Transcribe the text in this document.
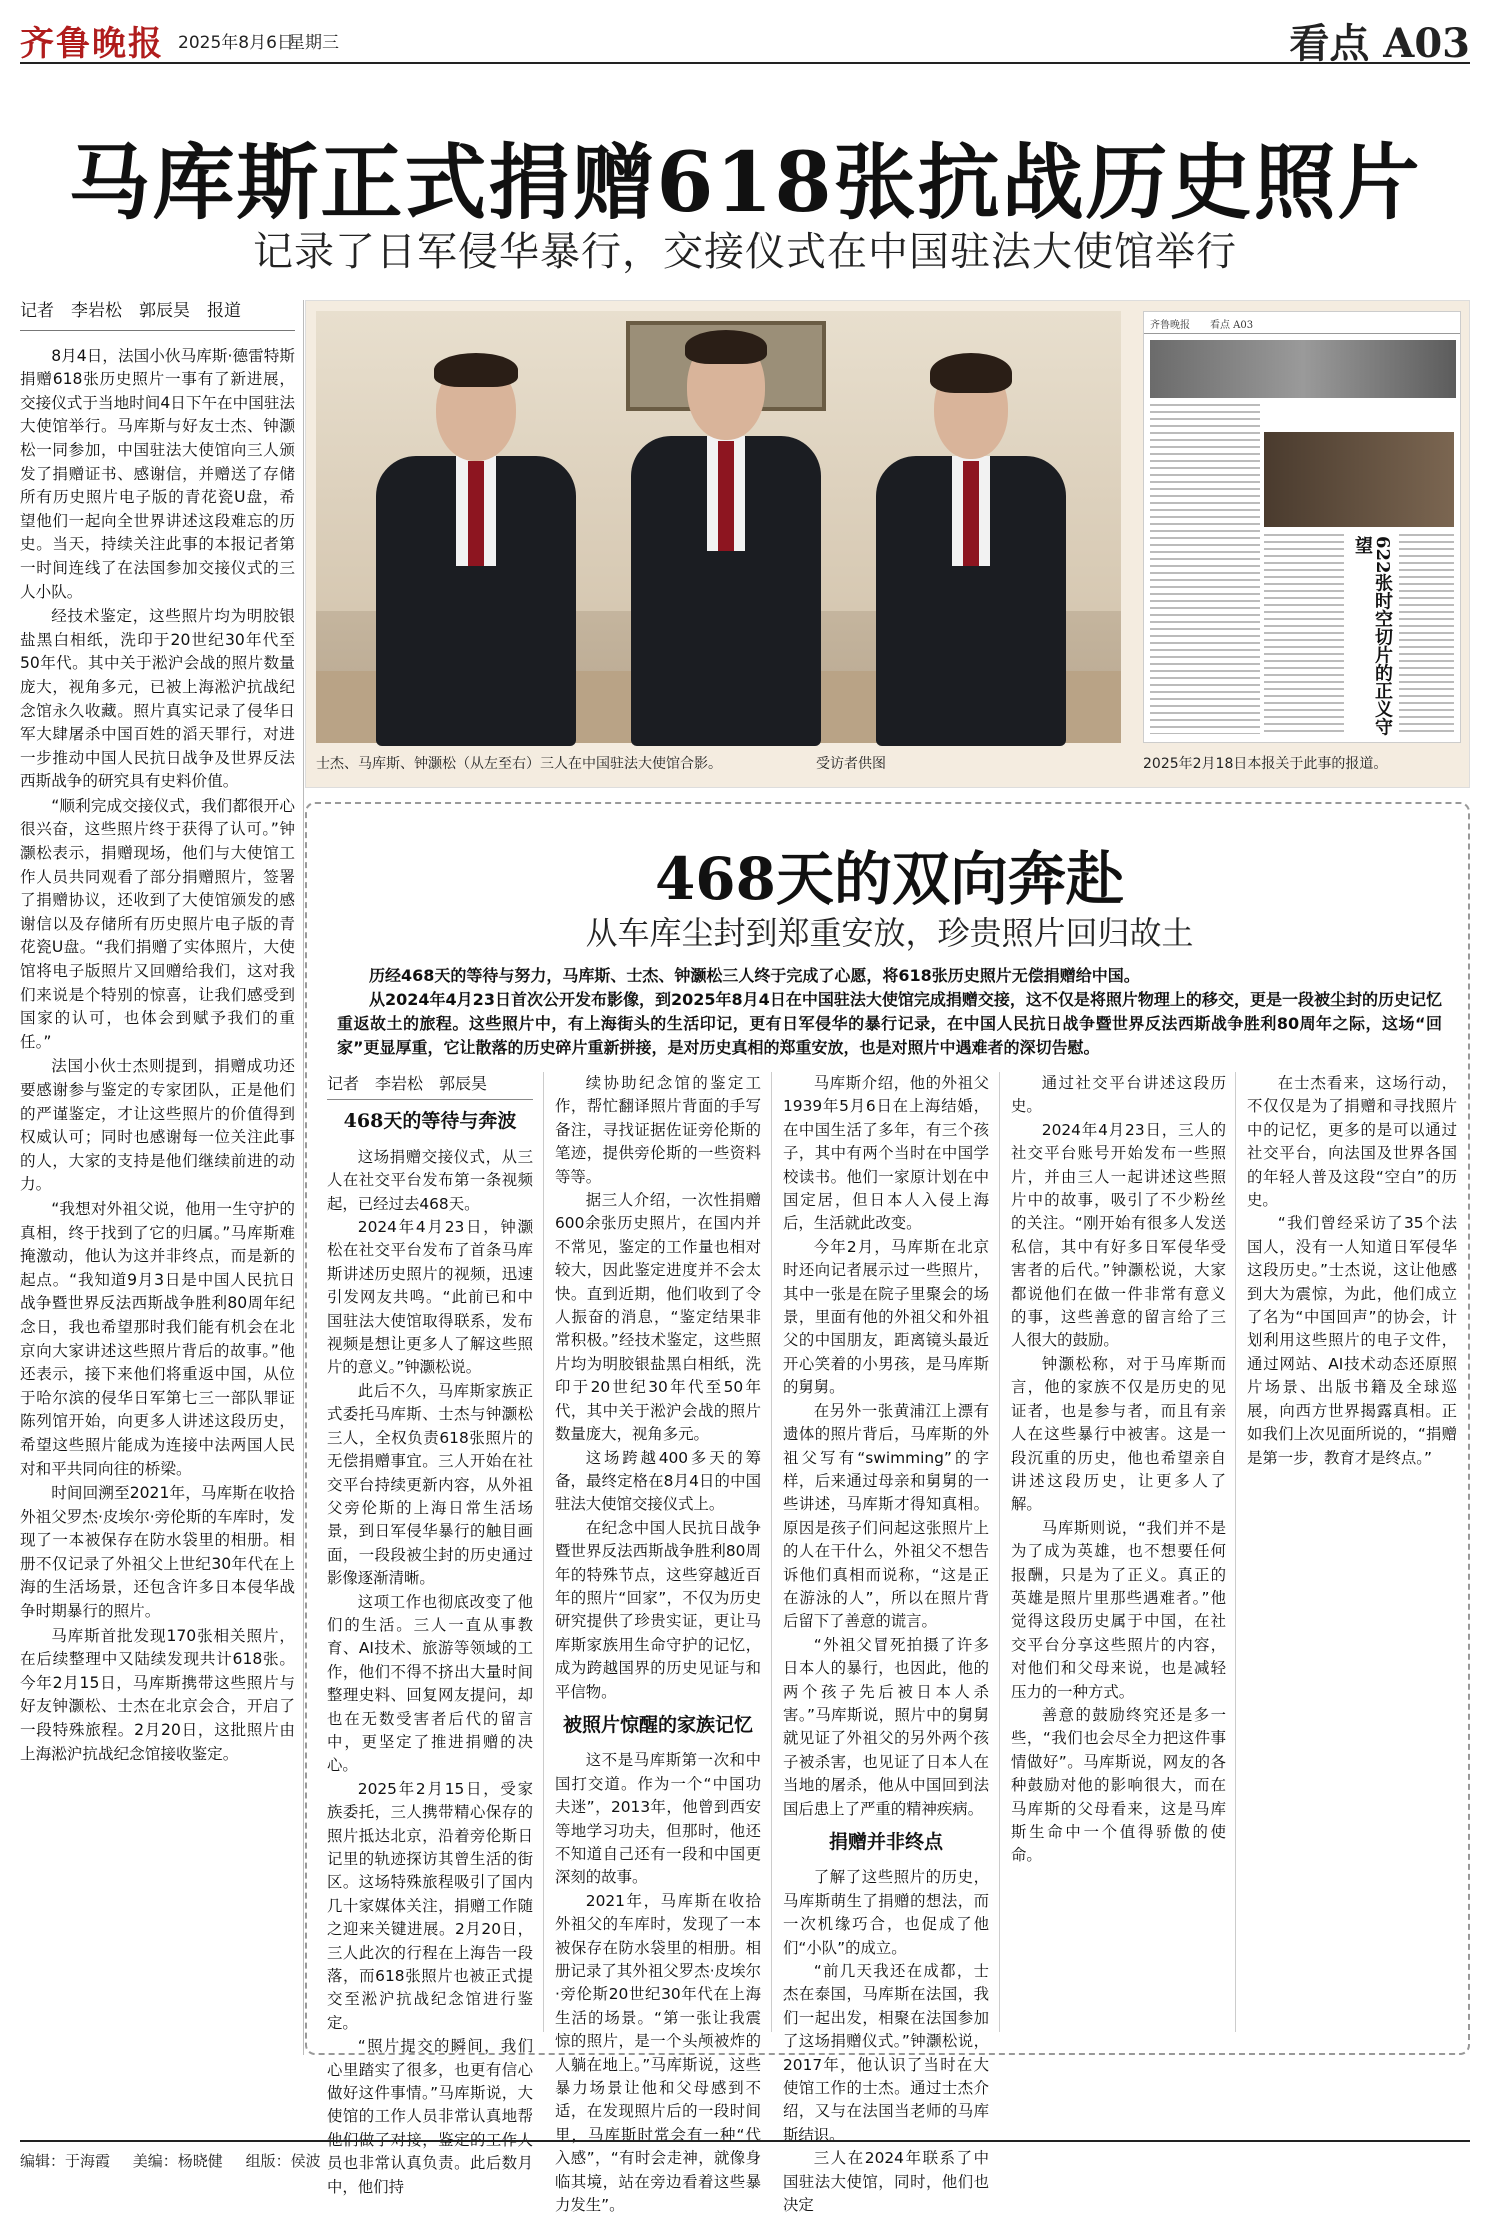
齐鲁晚报 2025年8月6日
星期三	看点 A03
马库斯正式捐赠618张抗战历史照片
记录了日军侵华暴行，交接仪式在中国驻法大使馆举行
记者　李岩松　郭辰昊　报道

8月4日，法国小伙马库斯·德雷特斯捐赠618张历史照片一事有了新进展，交接仪式于当地时间4日下午在中国驻法大使馆举行。马库斯与好友士杰、钟灏松一同参加，中国驻法大使馆向三人颁发了捐赠证书、感谢信，并赠送了存储所有历史照片电子版的青花瓷U盘，希望他们一起向全世界讲述这段难忘的历史。当天，持续关注此事的本报记者第一时间连线了在法国参加交接仪式的三人小队。

经技术鉴定，这些照片均为明胶银盐黑白相纸，洗印于20世纪30年代至50年代。其中关于淞沪会战的照片数量庞大，视角多元，已被上海淞沪抗战纪念馆永久收藏。照片真实记录了侵华日军大肆屠杀中国百姓的滔天罪行，对进一步推动中国人民抗日战争及世界反法西斯战争的研究具有史料价值。

“顺利完成交接仪式，我们都很开心很兴奋，这些照片终于获得了认可。”钟灏松表示，捐赠现场，他们与大使馆工作人员共同观看了部分捐赠照片，签署了捐赠协议，还收到了大使馆颁发的感谢信以及存储所有历史照片电子版的青花瓷U盘。“我们捐赠了实体照片，大使馆将电子版照片又回赠给我们，这对我们来说是个特别的惊喜，让我们感受到国家的认可，也体会到赋予我们的重任。”

法国小伙士杰则提到，捐赠成功还要感谢参与鉴定的专家团队，正是他们的严谨鉴定，才让这些照片的价值得到权威认可；同时也感谢每一位关注此事的人，大家的支持是他们继续前进的动力。

“我想对外祖父说，他用一生守护的真相，终于找到了它的归属。”马库斯难掩激动，他认为这并非终点，而是新的起点。“我知道9月3日是中国人民抗日战争暨世界反法西斯战争胜利80周年纪念日，我也希望那时我们能有机会在北京向大家讲述这些照片背后的故事。”他还表示，接下来他们将重返中国，从位于哈尔滨的侵华日军第七三一部队罪证陈列馆开始，向更多人讲述这段历史，希望这些照片能成为连接中法两国人民对和平共同向往的桥梁。

时间回溯至2021年，马库斯在收拾外祖父罗杰·皮埃尔·旁伦斯的车库时，发现了一本被保存在防水袋里的相册。相册不仅记录了外祖父上世纪30年代在上海的生活场景，还包含许多日本侵华战争时期暴行的照片。

马库斯首批发现170张相关照片，在后续整理中又陆续发现共计618张。今年2月15日，马库斯携带这些照片与好友钟灏松、士杰在北京会合，开启了一段特殊旅程。2月20日，这批照片由上海淞沪抗战纪念馆接收鉴定。

士杰、马库斯、钟灏松（从左至右）三人在中国驻法大使馆合影。	受访者供图
齐鲁晚报　　看点 A03
622张时空切片的正义守望
2025年2月18日本报关于此事的报道。
468天的双向奔赴
从车库尘封到郑重安放，珍贵照片回归故土

历经468天的等待与努力，马库斯、士杰、钟灏松三人终于完成了心愿，将618张历史照片无偿捐赠给中国。

从2024年4月23日首次公开发布影像，到2025年8月4日在中国驻法大使馆完成捐赠交接，这不仅是将照片物理上的移交，更是一段被尘封的历史记忆重返故土的旅程。这些照片中，有上海街头的生活印记，更有日军侵华的暴行记录，在中国人民抗日战争暨世界反法西斯战争胜利80周年之际，这场“回家”更显厚重，它让散落的历史碎片重新拼接，是对历史真相的郑重安放，也是对照片中遇难者的深切告慰。

记者　李岩松　郭辰昊
468天的等待与奔波

这场捐赠交接仪式，从三人在社交平台发布第一条视频起，已经过去468天。

2024年4月23日，钟灏松在社交平台发布了首条马库斯讲述历史照片的视频，迅速引发网友共鸣。“此前已和中国驻法大使馆取得联系，发布视频是想让更多人了解这些照片的意义。”钟灏松说。

此后不久，马库斯家族正式委托马库斯、士杰与钟灏松三人，全权负责618张照片的无偿捐赠事宜。三人开始在社交平台持续更新内容，从外祖父旁伦斯的上海日常生活场景，到日军侵华暴行的触目画面，一段段被尘封的历史通过影像逐渐清晰。

这项工作也彻底改变了他们的生活。三人一直从事教育、AI技术、旅游等领域的工作，他们不得不挤出大量时间整理史料、回复网友提问，却也在无数受害者后代的留言中，更坚定了推进捐赠的决心。

2025年2月15日，受家族委托，三人携带精心保存的照片抵达北京，沿着旁伦斯日记里的轨迹探访其曾生活的街区。这场特殊旅程吸引了国内几十家媒体关注，捐赠工作随之迎来关键进展。2月20日，三人此次的行程在上海告一段落，而618张照片也被正式提交至淞沪抗战纪念馆进行鉴定。

“照片提交的瞬间，我们心里踏实了很多，也更有信心做好这件事情。”马库斯说，大使馆的工作人员非常认真地帮他们做了对接，鉴定的工作人员也非常认真负责。此后数月中，他们持

续协助纪念馆的鉴定工作，帮忙翻译照片背面的手写备注，寻找证据佐证旁伦斯的笔迹，提供旁伦斯的一些资料等等。

据三人介绍，一次性捐赠600余张历史照片，在国内并不常见，鉴定的工作量也相对较大，因此鉴定进度并不会太快。直到近期，他们收到了令人振奋的消息，“鉴定结果非常积极。”经技术鉴定，这些照片均为明胶银盐黑白相纸，洗印于20世纪30年代至50年代，其中关于淞沪会战的照片数量庞大，视角多元。

这场跨越400多天的筹备，最终定格在8月4日的中国驻法大使馆交接仪式上。

在纪念中国人民抗日战争暨世界反法西斯战争胜利80周年的特殊节点，这些穿越近百年的照片“回家”，不仅为历史研究提供了珍贵实证，更让马库斯家族用生命守护的记忆，成为跨越国界的历史见证与和平信物。

被照片惊醒的家族记忆

这不是马库斯第一次和中国打交道。作为一个“中国功夫迷”，2013年，他曾到西安等地学习功夫，但那时，他还不知道自己还有一段和中国更深刻的故事。

2021年，马库斯在收拾外祖父的车库时，发现了一本被保存在防水袋里的相册。相册记录了其外祖父罗杰·皮埃尔·旁伦斯20世纪30年代在上海生活的场景。“第一张让我震惊的照片，是一个头颅被炸的人躺在地上。”马库斯说，这些暴力场景让他和父母感到不适，在发现照片后的一段时间里，马库斯时常会有一种“代入感”，“有时会走神，就像身临其境，站在旁边看着这些暴力发生”。

马库斯介绍，他的外祖父1939年5月6日在上海结婚，在中国生活了多年，有三个孩子，其中有两个当时在中国学校读书。他们一家原计划在中国定居，但日本人入侵上海后，生活就此改变。

今年2月，马库斯在北京时还向记者展示过一些照片，其中一张是在院子里聚会的场景，里面有他的外祖父和外祖父的中国朋友，距离镜头最近开心笑着的小男孩，是马库斯的舅舅。

在另外一张黄浦江上漂有遗体的照片背后，马库斯的外祖父写有“swimming”的字样，后来通过母亲和舅舅的一些讲述，马库斯才得知真相。原因是孩子们问起这张照片上的人在干什么，外祖父不想告诉他们真相而说称，“这是正在游泳的人”，所以在照片背后留下了善意的谎言。

“外祖父冒死拍摄了许多日本人的暴行，也因此，他的两个孩子先后被日本人杀害。”马库斯说，照片中的舅舅就见证了外祖父的另外两个孩子被杀害，也见证了日本人在当地的屠杀，他从中国回到法国后患上了严重的精神疾病。

捐赠并非终点

了解了这些照片的历史，马库斯萌生了捐赠的想法，而一次机缘巧合，也促成了他们“小队”的成立。

“前几天我还在成都，士杰在泰国，马库斯在法国，我们一起出发，相聚在法国参加了这场捐赠仪式。”钟灏松说，2017年，他认识了当时在大使馆工作的士杰。通过士杰介绍，又与在法国当老师的马库斯结识。

三人在2024年联系了中国驻法大使馆，同时，他们也决定

通过社交平台讲述这段历史。

2024年4月23日，三人的社交平台账号开始发布一些照片，并由三人一起讲述这些照片中的故事，吸引了不少粉丝的关注。“刚开始有很多人发送私信，其中有好多日军侵华受害者的后代。”钟灏松说，大家都说他们在做一件非常有意义的事，这些善意的留言给了三人很大的鼓励。

钟灏松称，对于马库斯而言，他的家族不仅是历史的见证者，也是参与者，而且有亲人在这些暴行中被害。这是一段沉重的历史，他也希望亲自讲述这段历史，让更多人了解。

马库斯则说，“我们并不是为了成为英雄，也不想要任何报酬，只是为了正义。真正的英雄是照片里那些遇难者。”他觉得这段历史属于中国，在社交平台分享这些照片的内容，对他们和父母来说，也是减轻压力的一种方式。

善意的鼓励终究还是多一些，“我们也会尽全力把这件事情做好”。马库斯说，网友的各种鼓励对他的影响很大，而在马库斯的父母看来，这是马库斯生命中一个值得骄傲的使命。

在士杰看来，这场行动，不仅仅是为了捐赠和寻找照片中的记忆，更多的是可以通过社交平台，向法国及世界各国的年轻人普及这段“空白”的历史。

“我们曾经采访了35个法国人，没有一人知道日军侵华这段历史。”士杰说，这让他感到大为震惊，为此，他们成立了名为“中国回声”的协会，计划利用这些照片的电子文件，通过网站、AI技术动态还原照片场景、出版书籍及全球巡展，向西方世界揭露真相。正如我们上次见面所说的，“捐赠是第一步，教育才是终点。”

编辑：于海霞 美编：杨晓健 组版：侯波
